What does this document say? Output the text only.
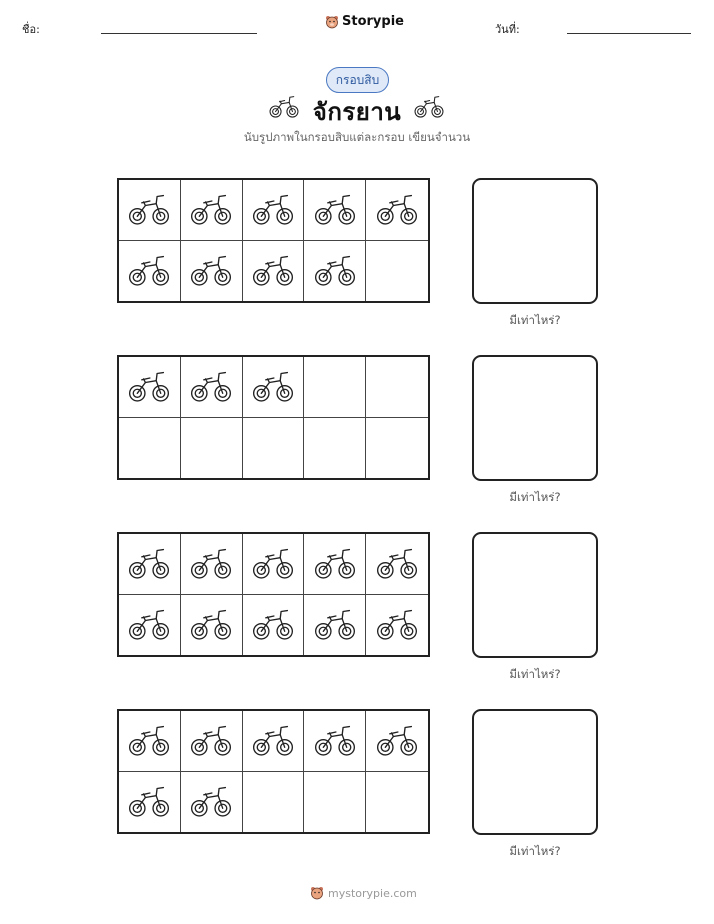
ชื่อ:
Storypie
วันที่:
กรอบสิบ
จักรยาน
นับรูปภาพในกรอบสิบแต่ละกรอบ เขียนจำนวน
มีเท่าไหร่?
มีเท่าไหร่?
มีเท่าไหร่?
มีเท่าไหร่?
mystorypie.com
